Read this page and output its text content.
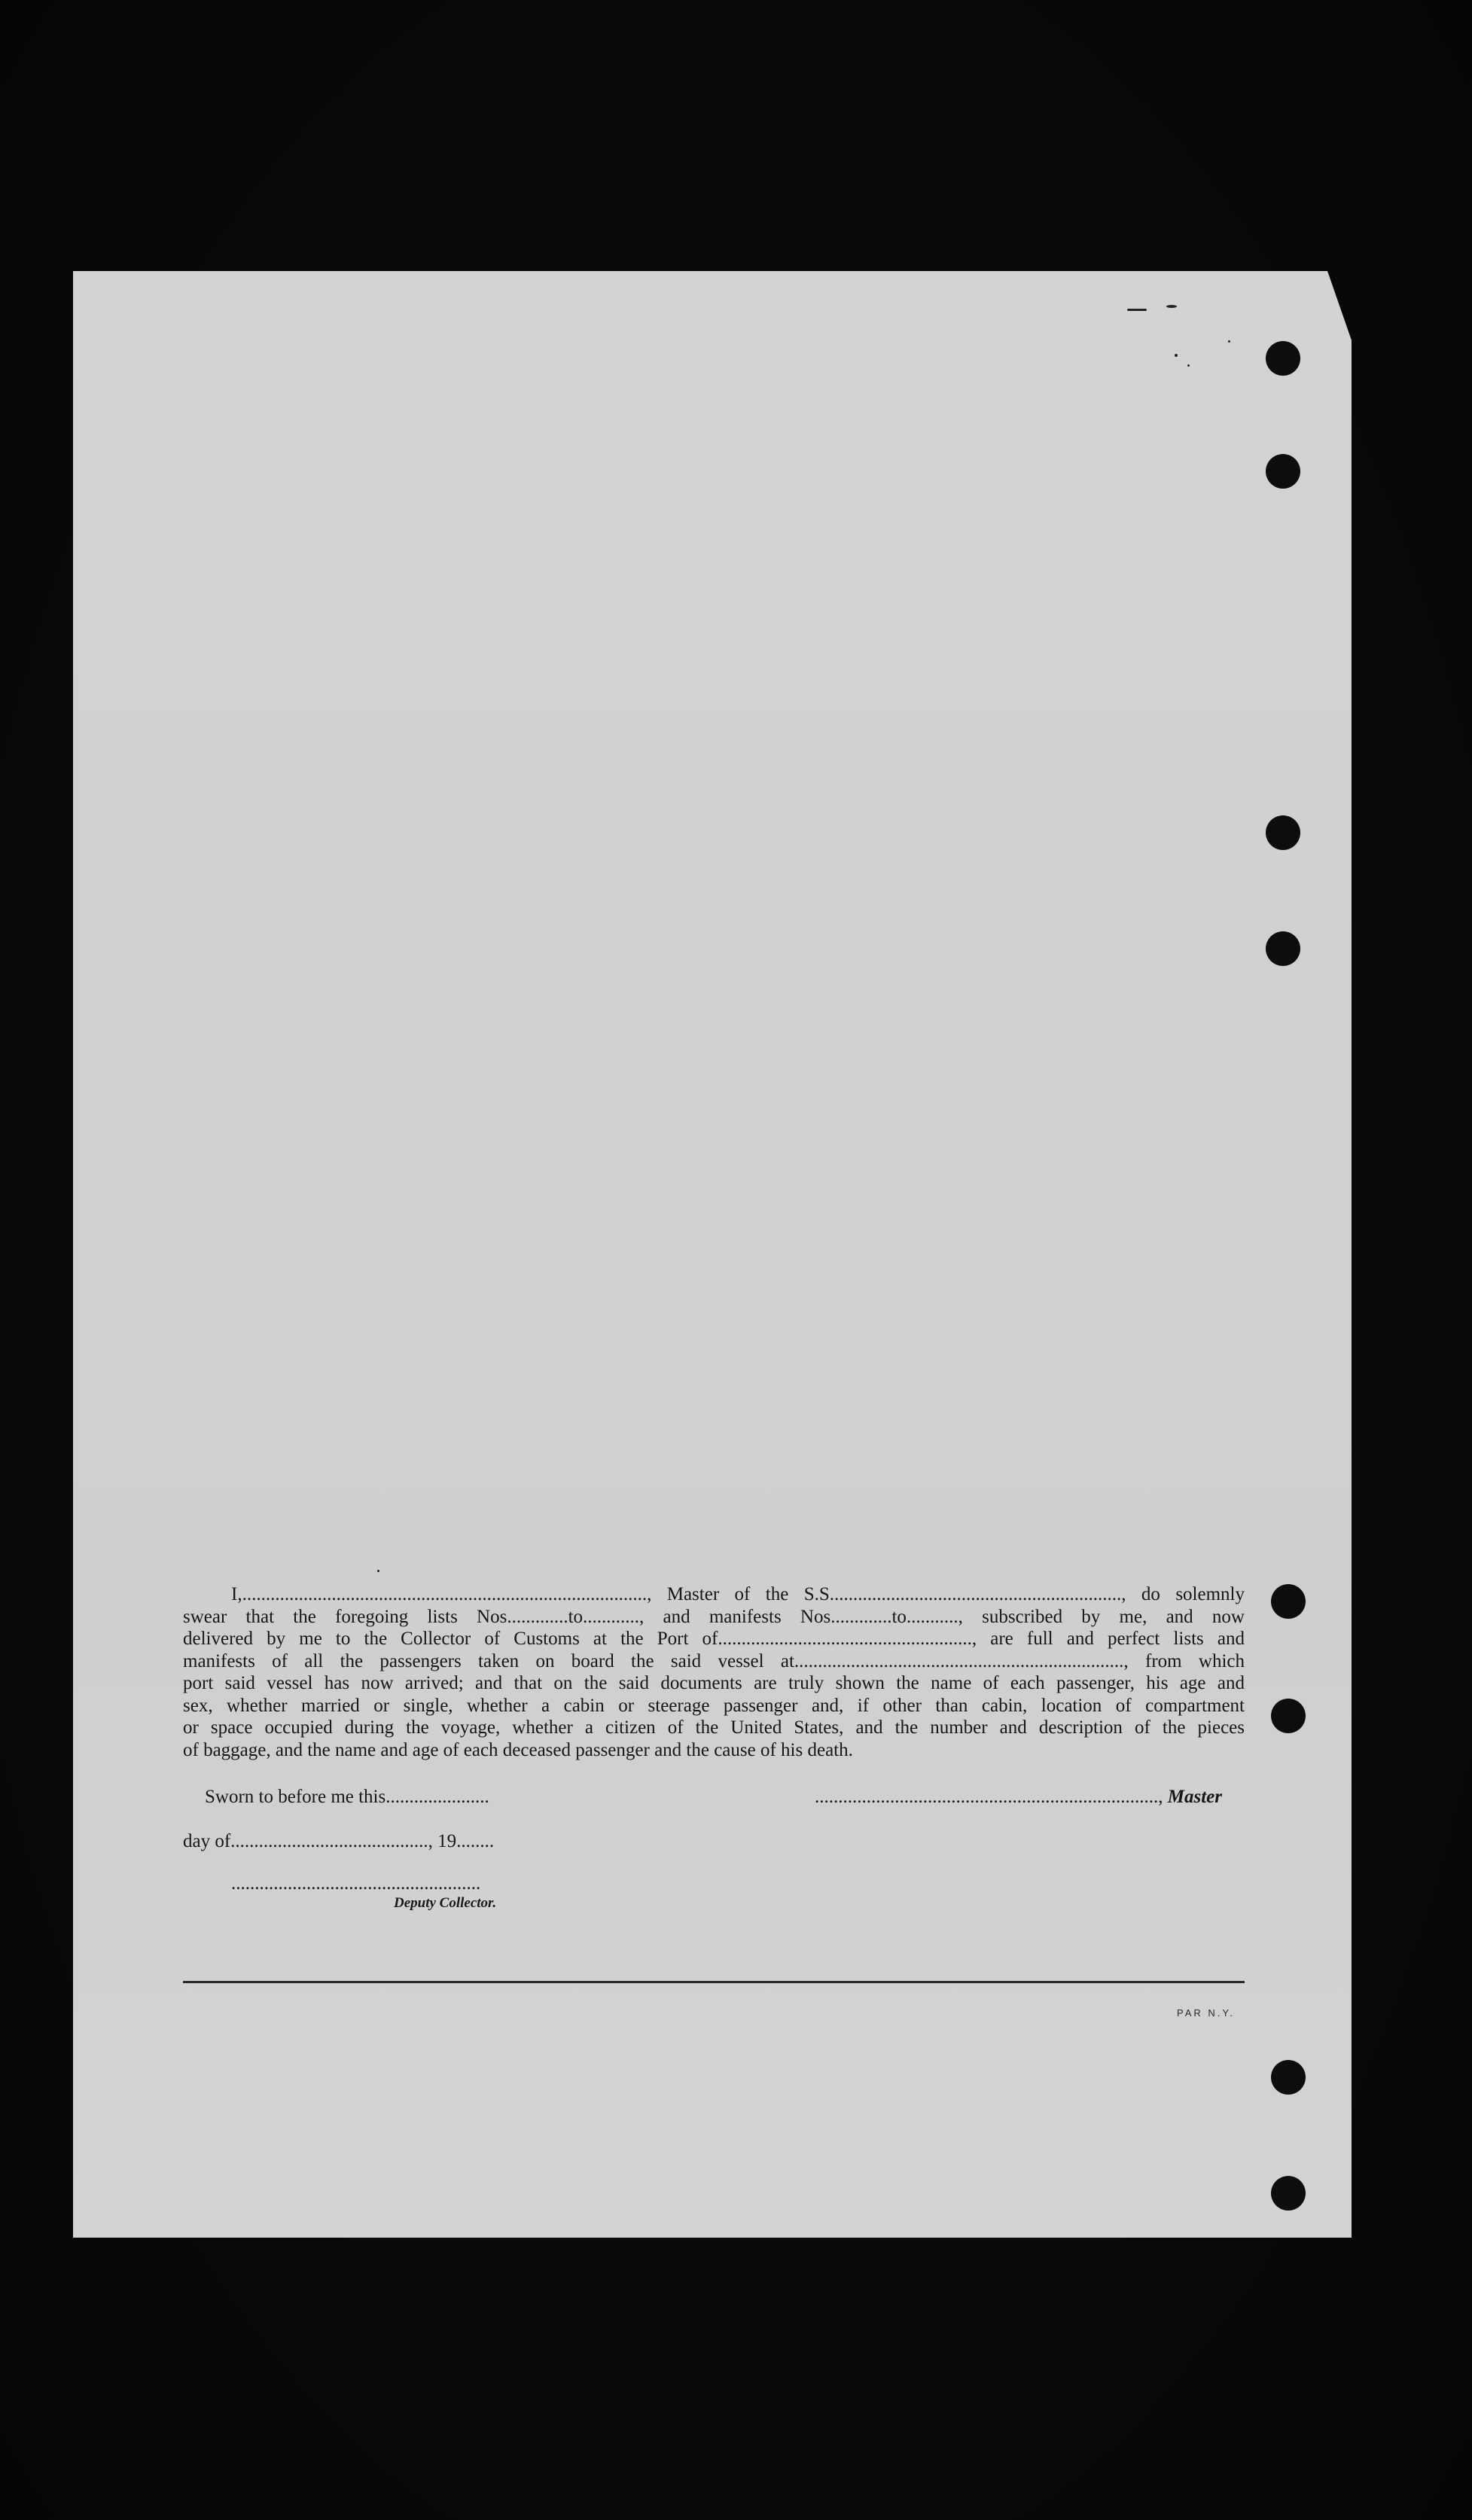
I,......................................................................................, Master of the S.S.............................................................., do solemnly
swear that the foregoing lists Nos.............to............, and manifests Nos.............to..........., subscribed by me, and now
delivered by me to the Collector of Customs at the Port of......................................................, are full and perfect lists and
manifests of all the passengers taken on board the said vessel at......................................................................, from which
port said vessel has now arrived; and that on the said documents are truly shown the name of each passenger, his age and
sex, whether married or single, whether a cabin or steerage passenger and, if other than cabin, location of compartment
or space occupied during the voyage, whether a citizen of the United States, and the number and description of the pieces
of baggage, and the name and age of each deceased passenger and the cause of his death.
Sworn to before me this......................	........................................................................., Master
day of.........................................., 19........
.....................................................
Deputy Collector.
PAR N.Y.
